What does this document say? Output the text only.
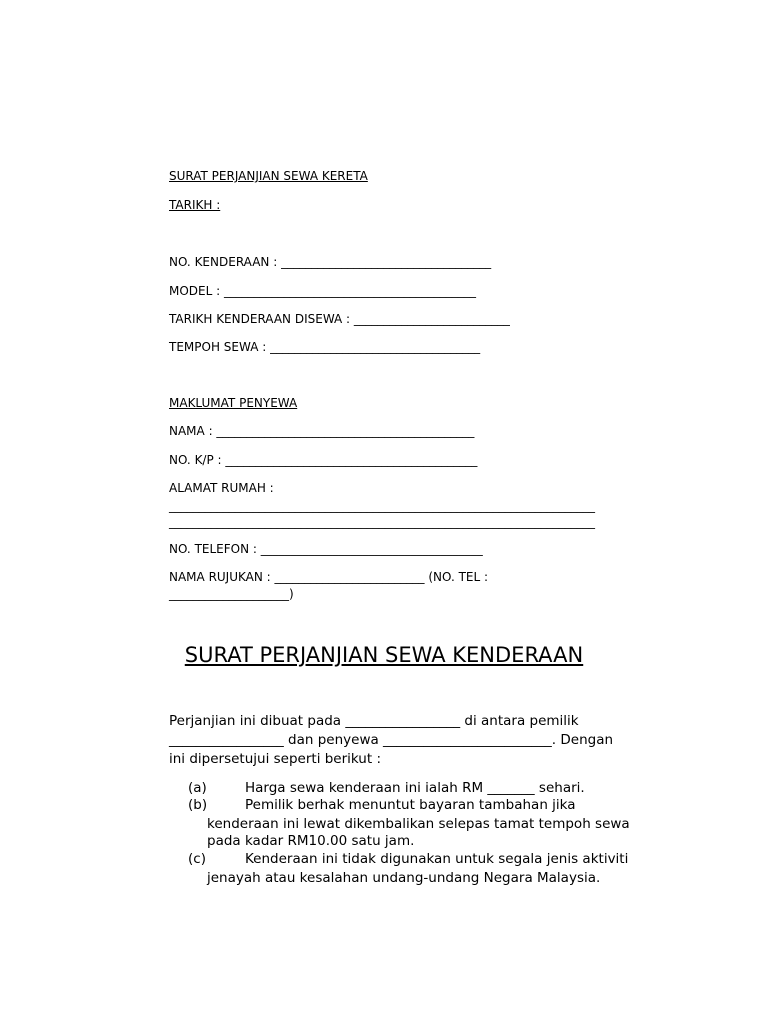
SURAT PERJANJIAN SEWA KERETA
TARIKH :
NO. KENDERAAN : ___________________________________
MODEL : __________________________________________
TARIKH KENDERAAN DISEWA : __________________________
TEMPOH SEWA : ___________________________________
MAKLUMAT PENYEWA
NAMA : ___________________________________________
NO. K/P : __________________________________________
ALAMAT RUMAH :
_______________________________________________________________________
_______________________________________________________________________
NO. TELEFON : _____________________________________
NAMA RUJUKAN : _________________________ (NO. TEL :
____________________)
SURAT PERJANJIAN SEWA KENDERAAN
Perjanjian ini dibuat pada _________________ di antara pemilik
_________________ dan penyewa _________________________. Dengan
ini dipersetujui seperti berikut :
(a)	Harga sewa kenderaan ini ialah RM _______ sehari.
(b)	Pemilik berhak menuntut bayaran tambahan jika
kenderaan ini lewat dikembalikan selepas tamat tempoh sewa
pada kadar RM10.00 satu jam.
(c)	Kenderaan ini tidak digunakan untuk segala jenis aktiviti
jenayah atau kesalahan undang-undang Negara Malaysia.
